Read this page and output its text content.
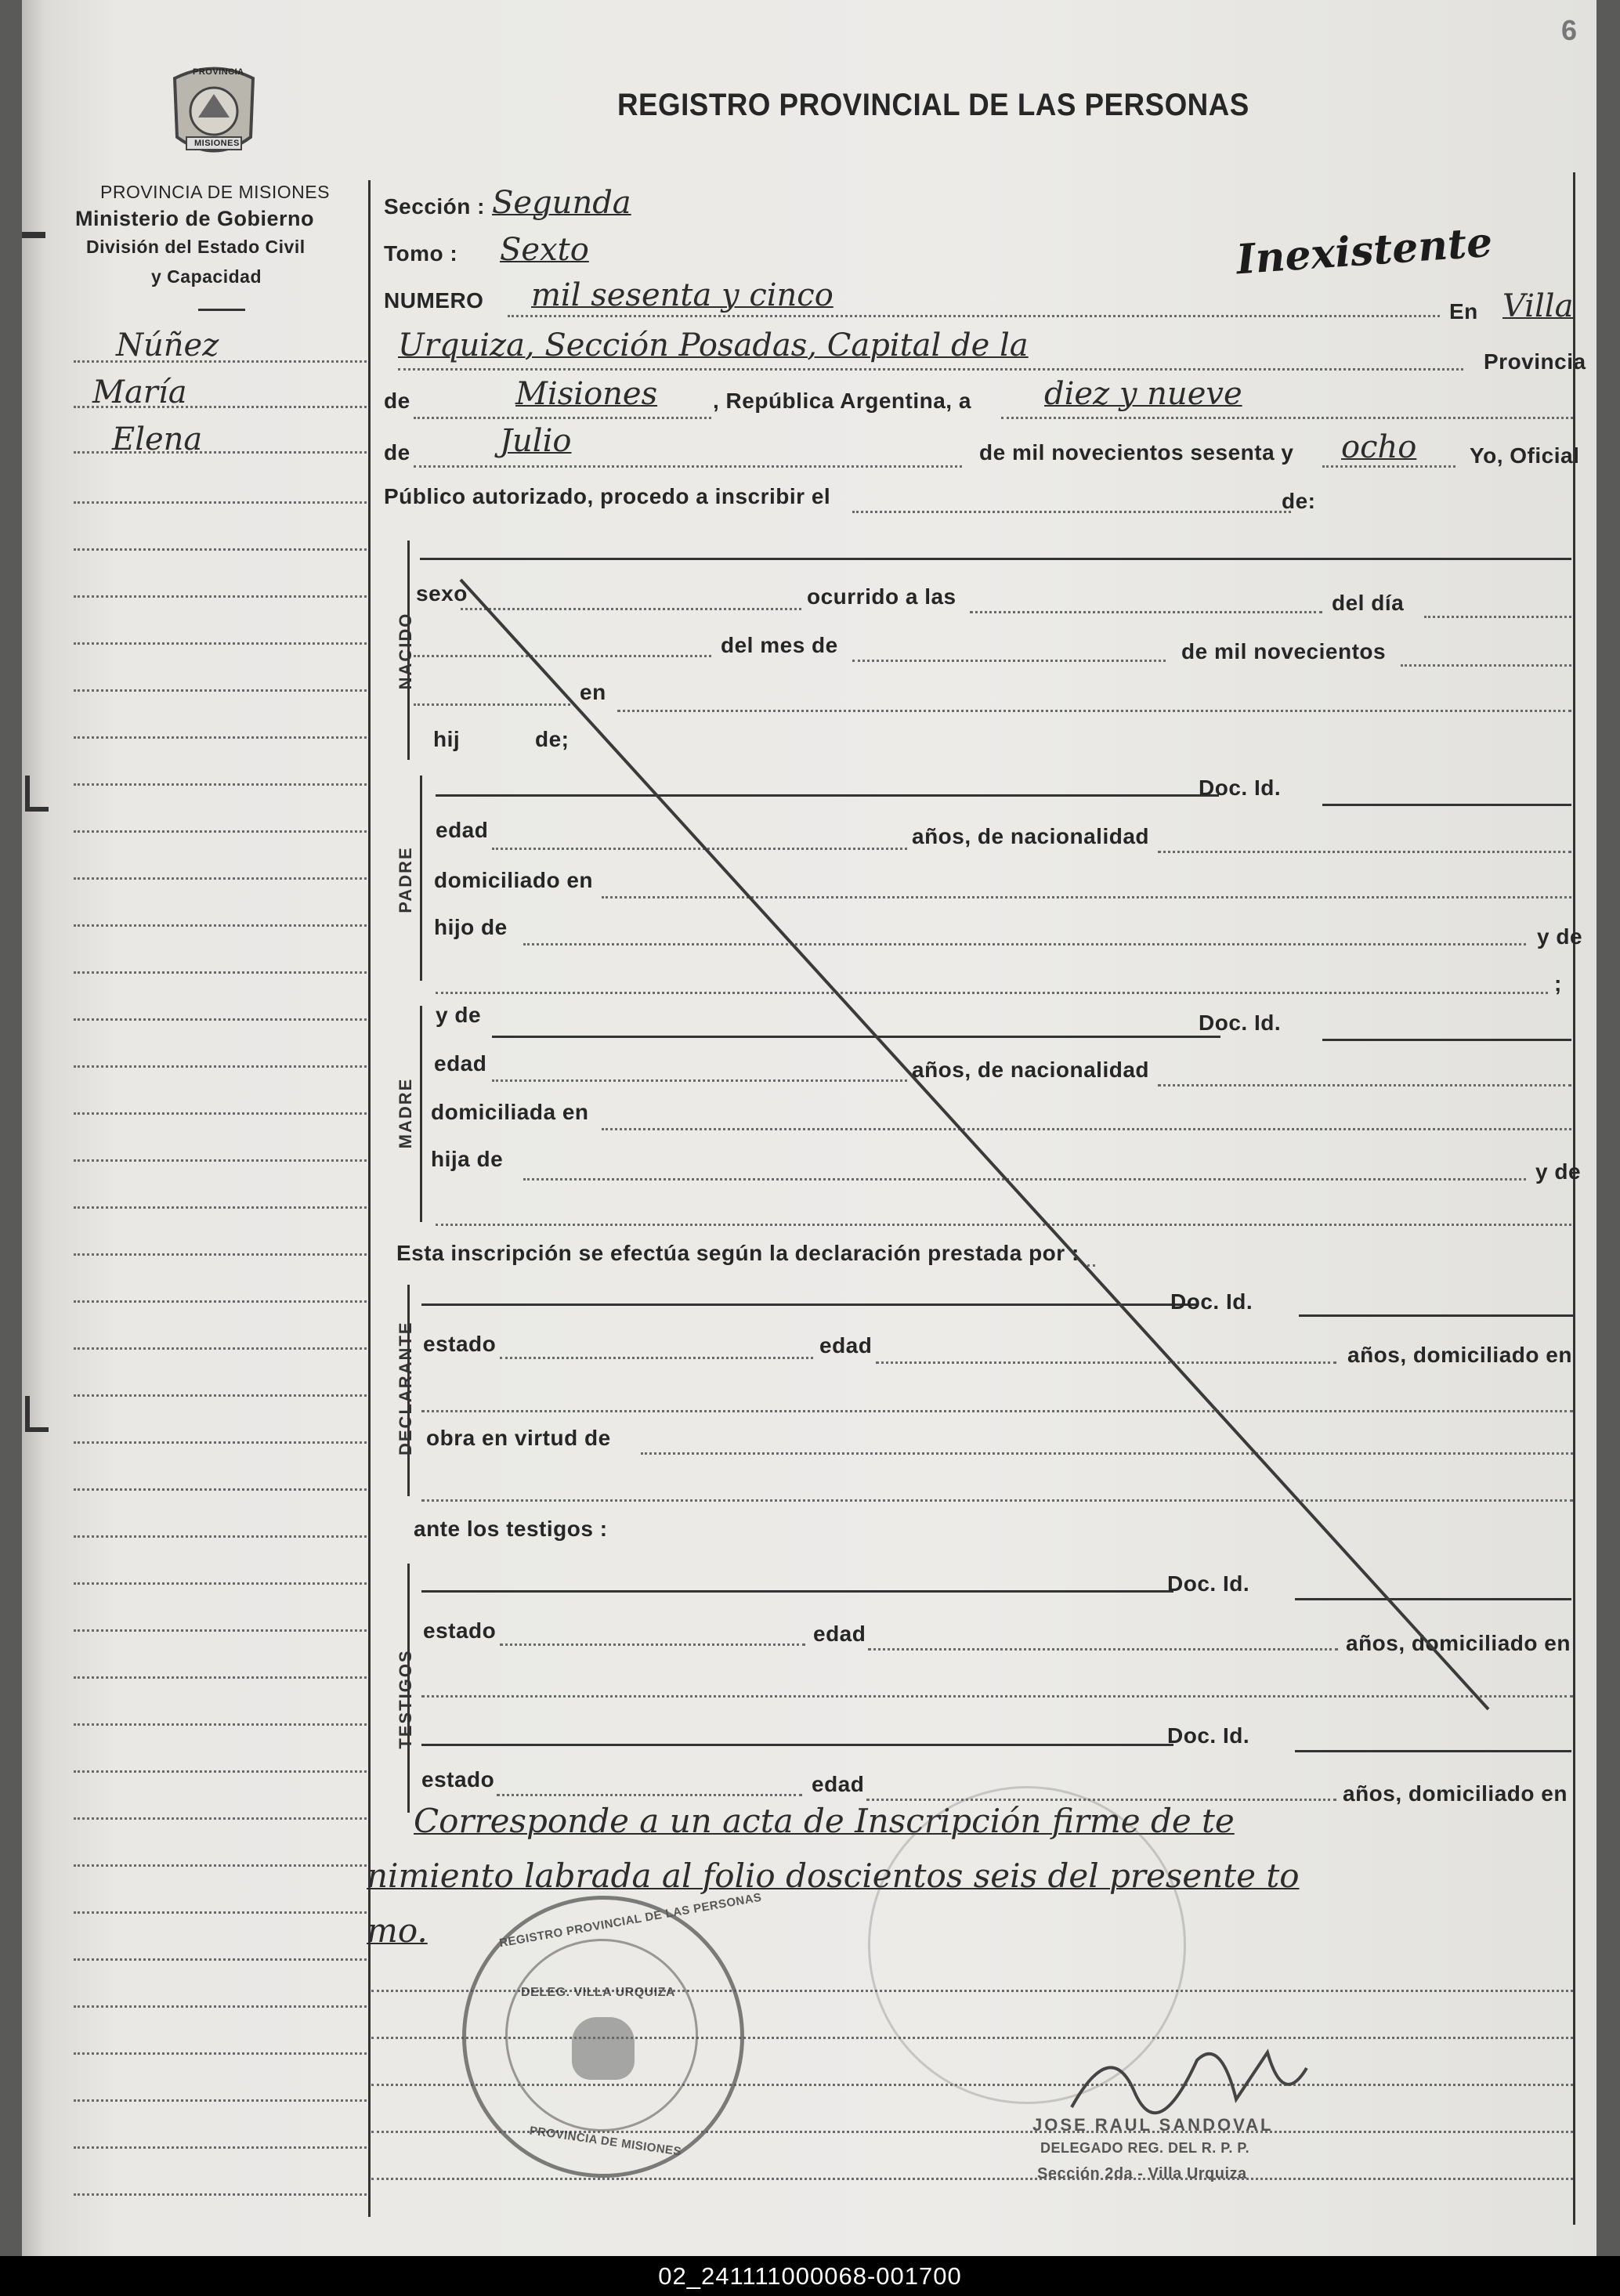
PROVINCIA
MISIONES
PROVINCIA DE MISIONES
Ministerio de Gobierno
División del Estado Civil
y Capacidad
REGISTRO PROVINCIAL DE LAS PERSONAS
6
Núñez
María
Elena
Sección : Segunda
Tomo : Sexto
NUMERO mil sesenta y cinco
Inexistente
En Villa
Urquiza, Sección Posadas, Capital de la	Provincia
de	Misiones	, República Argentina, a diez y nueve
de	Julio	de mil novecientos sesenta y ocho Yo, Oficial
Público autorizado, procedo a inscribir el	de:
NACIDO
sexo	ocurrido a las	del día
del mes de	de mil novecientos
en
hij	de;
PADRE
Doc. Id.
edad	años, de nacionalidad
domiciliado en
hijo de	y de
;
MADRE
y de	Doc. Id.
edad	años, de nacionalidad
domiciliada en
hija de
y de
Esta inscripción se efectúa según la declaración prestada por :
DECLARANTE
Doc. Id.
estado	edad	años, domiciliado en
obra en virtud de
ante los testigos :
TESTIGOS
Doc. Id.
estado	edad	años, domiciliado en
Doc. Id.
estado	edad	años, domiciliado en
Corresponde a un acta de Inscripción firme de te
nimiento labrada al folio doscientos seis del presente to
mo.	REGISTRO PROVINCIAL DE LAS PERSONAS
DELEG. VILLA URQUIZA
PROVINCIA DE MISIONES	JOSE RAUL SANDOVAL
DELEGADO REG. DEL R. P. P.
Sección 2da - Villa Urquiza
02_241111000068-001700
